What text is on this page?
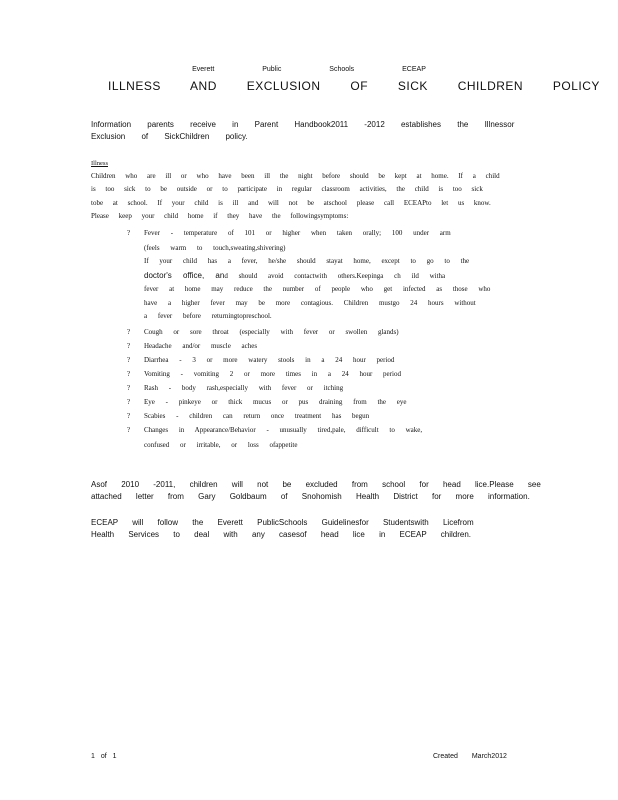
Everett	Public	Schools	ECEAP
ILLNESS AND EXCLUSION OF SICK CHILDREN POLICY
Information parents receive in Parent Handbook2011 -2012 establishes the Illnessor
Exclusion of SickChildren policy.
Illness
Children who are ill or who have been ill the night before should be kept at home. If a child
is too sick to be outside or to participate in regular classroom activities, the child is too sick
tobe at school. If your child is ill and will not be atschool please call ECEAPto let us know.
Please keep your child home if they have the followingsymptoms:
? Fever - temperature of 101 or higher when taken orally; 100 under arm
(feels warm to touch,sweating,shivering)
If your child has a fever, he/she should stayat home, except to go to the
doctor's office, and should avoid contactwith others.Keepinga ch ild witha
fever at home may reduce the number of people who get infected as those who
have a higher fever may be more contagious. Children mustgo 24 hours without
a fever before returningtopreschool.
? Cough or sore throat (especially with fever or swollen glands)
? Headache and/or muscle aches
? Diarrhea - 3 or more watery stools in a 24 hour period
? Vomiting - vomiting 2 or more times in a 24 hour period
? Rash - body rash,especially with fever or itching
? Eye - pinkeye or thick mucus or pus draining from the eye
? Scabies - children can return once treatment has begun
? Changes in Appearance/Behavior - unusually tired,pale, difficult to wake,
confused or irritable, or loss ofappetite
Asof 2010 -2011, children will not be excluded from school for head lice.Please see
attached letter from Gary Goldbaum of Snohomish Health District for more information.
ECEAP will follow the Everett PublicSchools Guidelinesfor Studentswith Licefrom
Health Services to deal with any casesof head lice in ECEAP children.
1 of 1	Created March2012
